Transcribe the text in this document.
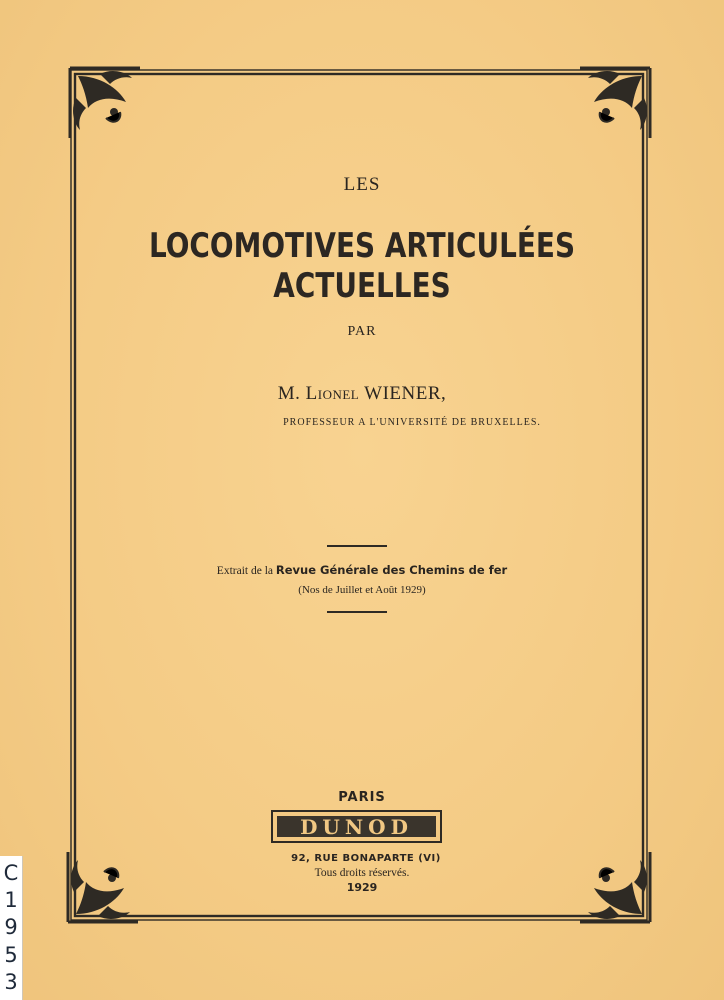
LES
LOCOMOTIVES ARTICULÉES ACTUELLES
PAR
M. Lionel WIENER,
PROFESSEUR A L'UNIVERSITÉ DE BRUXELLES.
Extrait de la Revue Générale des Chemins de fer
(Nos de Juillet et Août 1929)
PARIS
DUNOD
92, RUE BONAPARTE (VI)
Tous droits réservés.
1929
C
1
9
5
3
